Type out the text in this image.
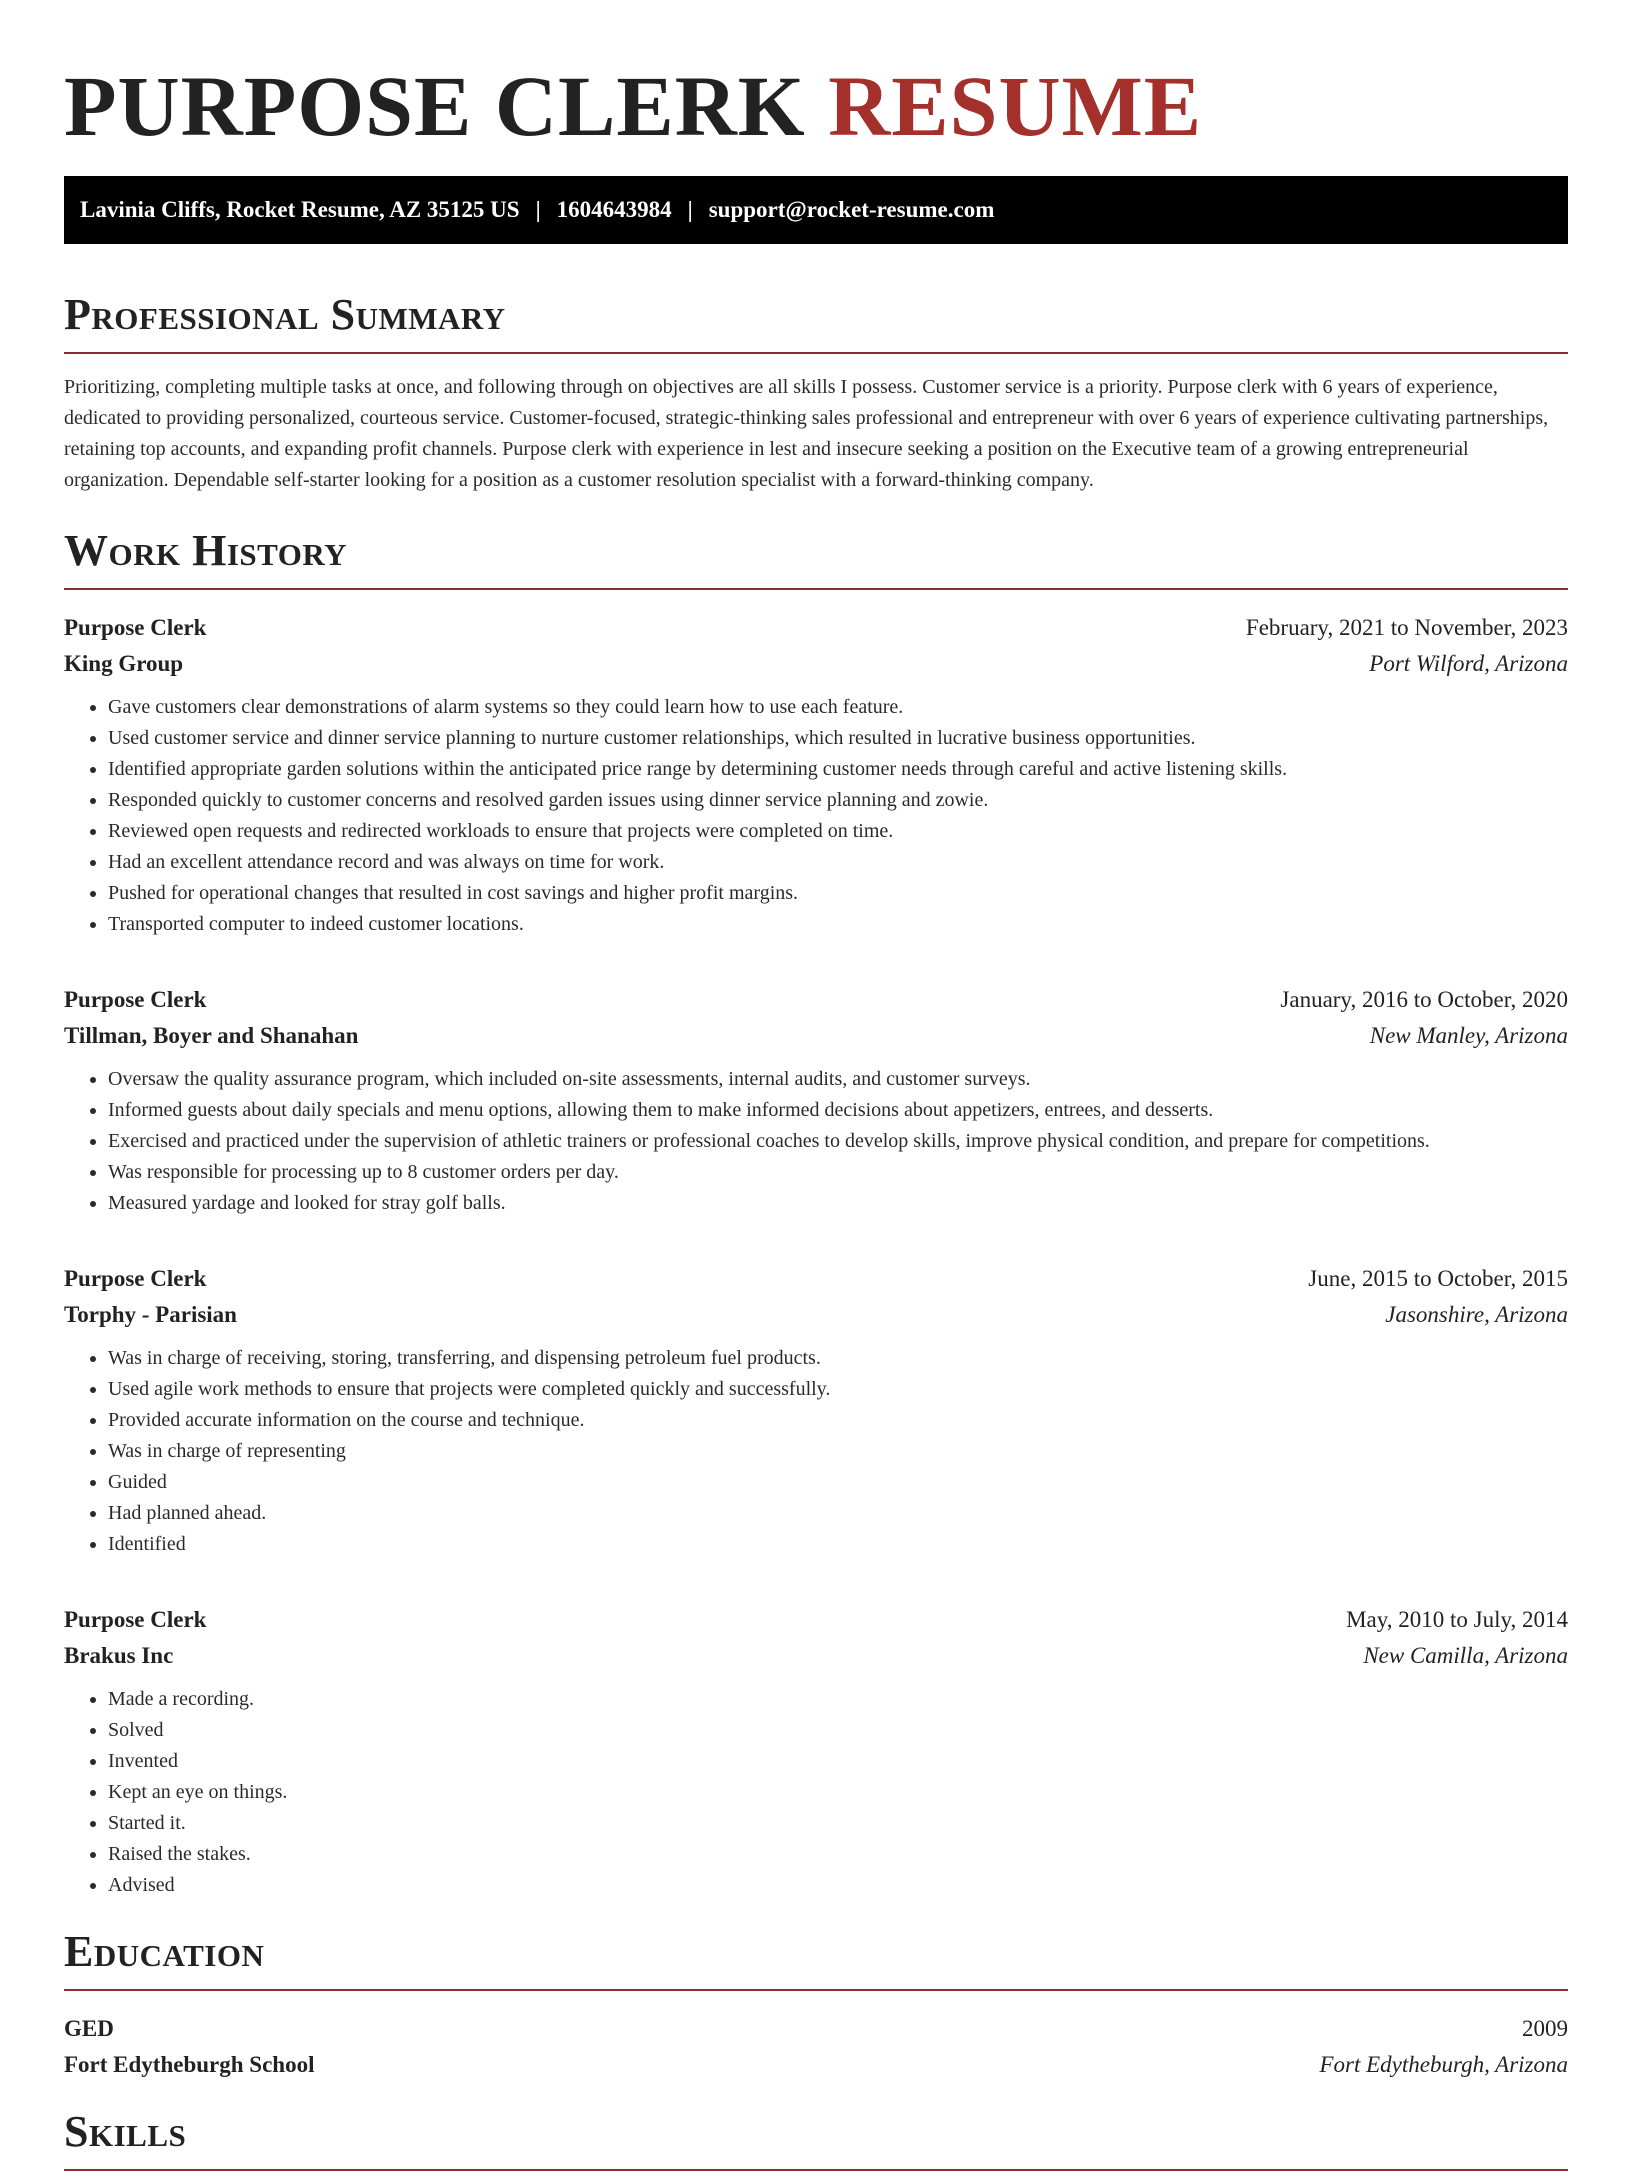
PURPOSE CLERK RESUME
Lavinia Cliffs, Rocket Resume, AZ 35125 US | 1604643984 | support@rocket-resume.com
Professional Summary

Prioritizing, completing multiple tasks at once, and following through on objectives are all skills I possess. Customer service is a priority. Purpose clerk with 6 years of experience, dedicated to providing personalized, courteous service. Customer-focused, strategic-thinking sales professional and entrepreneur with over 6 years of experience cultivating partnerships, retaining top accounts, and expanding profit channels. Purpose clerk with experience in lest and insecure seeking a position on the Executive team of a growing entrepreneurial organization. Dependable self-starter looking for a position as a customer resolution specialist with a forward-thinking company.

Work History
Purpose Clerk	February, 2021 to November, 2023
King Group	Port Wilford, Arizona
• Gave customers clear demonstrations of alarm systems so they could learn how to use each feature.
• Used customer service and dinner service planning to nurture customer relationships, which resulted in lucrative business opportunities.
• Identified appropriate garden solutions within the anticipated price range by determining customer needs through careful and active listening skills.
• Responded quickly to customer concerns and resolved garden issues using dinner service planning and zowie.
• Reviewed open requests and redirected workloads to ensure that projects were completed on time.
• Had an excellent attendance record and was always on time for work.
• Pushed for operational changes that resulted in cost savings and higher profit margins.
• Transported computer to indeed customer locations.
Purpose Clerk	January, 2016 to October, 2020
Tillman, Boyer and Shanahan	New Manley, Arizona
• Oversaw the quality assurance program, which included on-site assessments, internal audits, and customer surveys.
• Informed guests about daily specials and menu options, allowing them to make informed decisions about appetizers, entrees, and desserts.
• Exercised and practiced under the supervision of athletic trainers or professional coaches to develop skills, improve physical condition, and prepare for competitions.
• Was responsible for processing up to 8 customer orders per day.
• Measured yardage and looked for stray golf balls.
Purpose Clerk	June, 2015 to October, 2015
Torphy - Parisian	Jasonshire, Arizona
• Was in charge of receiving, storing, transferring, and dispensing petroleum fuel products.
• Used agile work methods to ensure that projects were completed quickly and successfully.
• Provided accurate information on the course and technique.
• Was in charge of representing
• Guided
• Had planned ahead.
• Identified
Purpose Clerk	May, 2010 to July, 2014
Brakus Inc	New Camilla, Arizona
• Made a recording.
• Solved
• Invented
• Kept an eye on things.
• Started it.
• Raised the stakes.
• Advised
Education
GED	2009
Fort Edytheburgh School	Fort Edytheburgh, Arizona
Skills
